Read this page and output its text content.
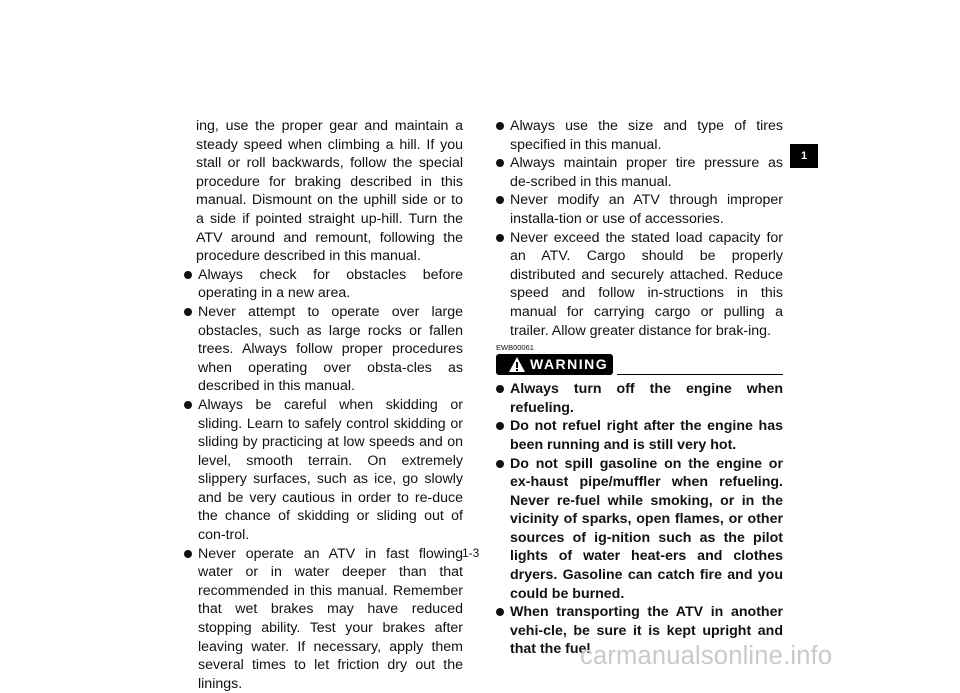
ing, use the proper gear and maintain a steady speed when climbing a hill. If you stall or roll backwards, follow the special procedure for braking described in this manual. Dismount on the uphill side or to a side if pointed straight up-hill. Turn the ATV around and remount, following the procedure described in this manual.

Always check for obstacles before operating in a new area.

Never attempt to operate over large obstacles, such as large rocks or fallen trees. Always follow proper procedures when operating over obsta-cles as described in this manual.

Always be careful when skidding or sliding. Learn to safely control skidding or sliding by practicing at low speeds and on level, smooth terrain. On extremely slippery surfaces, such as ice, go slowly and be very cautious in order to re-duce the chance of skidding or sliding out of con-trol.

Never operate an ATV in fast flowing water or in water deeper than that recommended in this manual. Remember that wet brakes may have reduced stopping ability. Test your brakes after leaving water. If necessary, apply them several times to let friction dry out the linings.

Always use the size and type of tires specified in this manual.

Always maintain proper tire pressure as de-scribed in this manual.

Never modify an ATV through improper installa-tion or use of accessories.

Never exceed the stated load capacity for an ATV. Cargo should be properly distributed and securely attached. Reduce speed and follow in-structions in this manual for carrying cargo or pulling a trailer. Allow greater distance for brak-ing.

EWB00061
WARNING

Always turn off the engine when refueling.

Do not refuel right after the engine has been running and is still very hot.

Do not spill gasoline on the engine or ex-haust pipe/muffler when refueling. Never re-fuel while smoking, or in the vicinity of sparks, open flames, or other sources of ig-nition such as the pilot lights of water heat-ers and clothes dryers. Gasoline can catch fire and you could be burned.

When transporting the ATV in another vehi-cle, be sure it is kept upright and that the fuel

1-3
1
carmanualsonline.info
